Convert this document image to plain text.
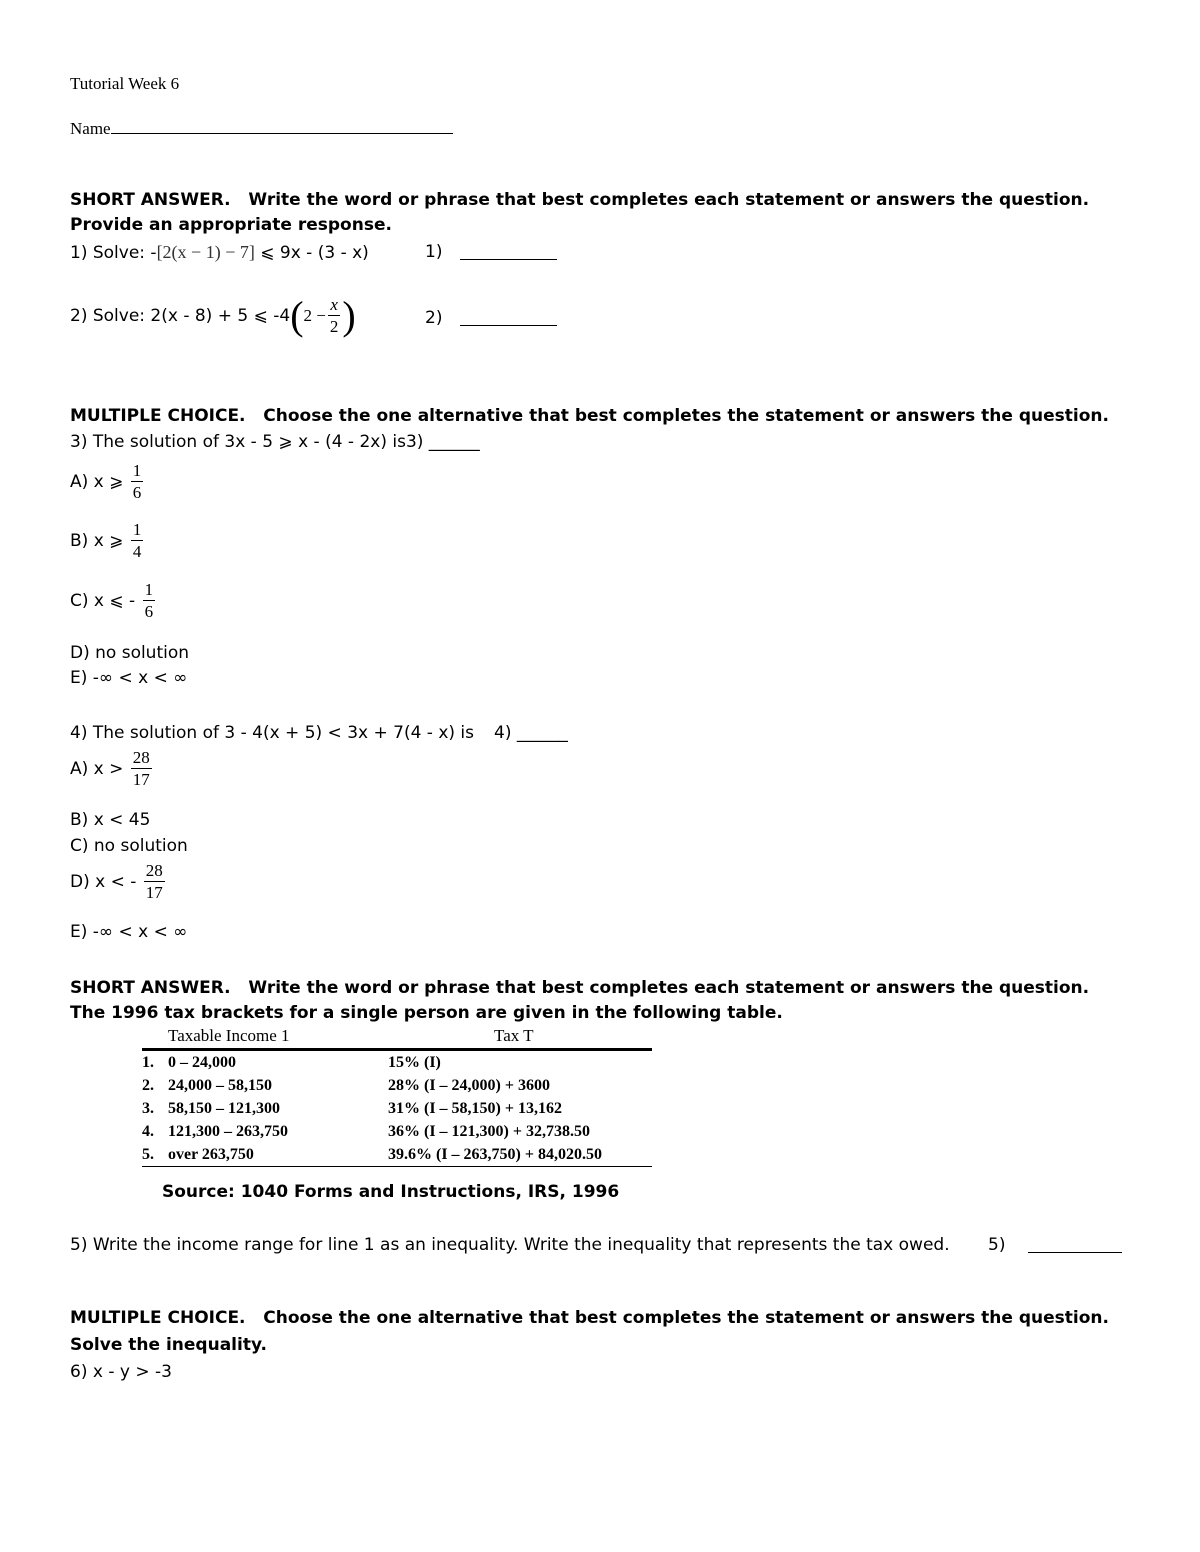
Tutorial Week 6
Name
SHORT ANSWER. Write the word or phrase that best completes each statement or answers the question.
Provide an appropriate response.
1) Solve: -[2(x − 1) − 7] ⩽ 9x - (3 - x)	1)
2) Solve: 2(x - 8) + 5 ⩽ -4 ( $2 - \frac{x}{2}$ )	2)
MULTIPLE CHOICE. Choose the one alternative that best completes the statement or answers the question.
3) The solution of 3x - 5 ⩾ x - (4 - 2x) is3) ______
A) x ⩾
$\frac{1}{6}$
B) x ⩾
$\frac{1}{4}$
C) x ⩽ -
$\frac{1}{6}$
D) no solution
E) -∞ < x < ∞
4) The solution of 3 - 4(x + 5) < 3x + 7(4 - x) is 4) ______
A) x >
$\frac{28}{17}$
B) x < 45
C) no solution
D) x < -
$\frac{28}{17}$
E) -∞ < x < ∞
SHORT ANSWER. Write the word or phrase that best completes each statement or answers the question.
The 1996 tax brackets for a single person are given in the following table.
Taxable Income 1		Tax T
1.	0 – 24,000	15% (I)
2.	24,000 – 58,150	28% (I – 24,000) + 3600
3.	58,150 – 121,300	31% (I – 58,150) + 13,162
4.	121,300 – 263,750	36% (I – 121,300) + 32,738.50
5.	over 263,750	39.6% (I – 263,750) + 84,020.50
Source: 1040 Forms and Instructions, IRS, 1996
5) Write the income range for line 1 as an inequality. Write the inequality that represents the tax owed. 5)
MULTIPLE CHOICE. Choose the one alternative that best completes the statement or answers the question.
Solve the inequality.
6) x - y > -3
